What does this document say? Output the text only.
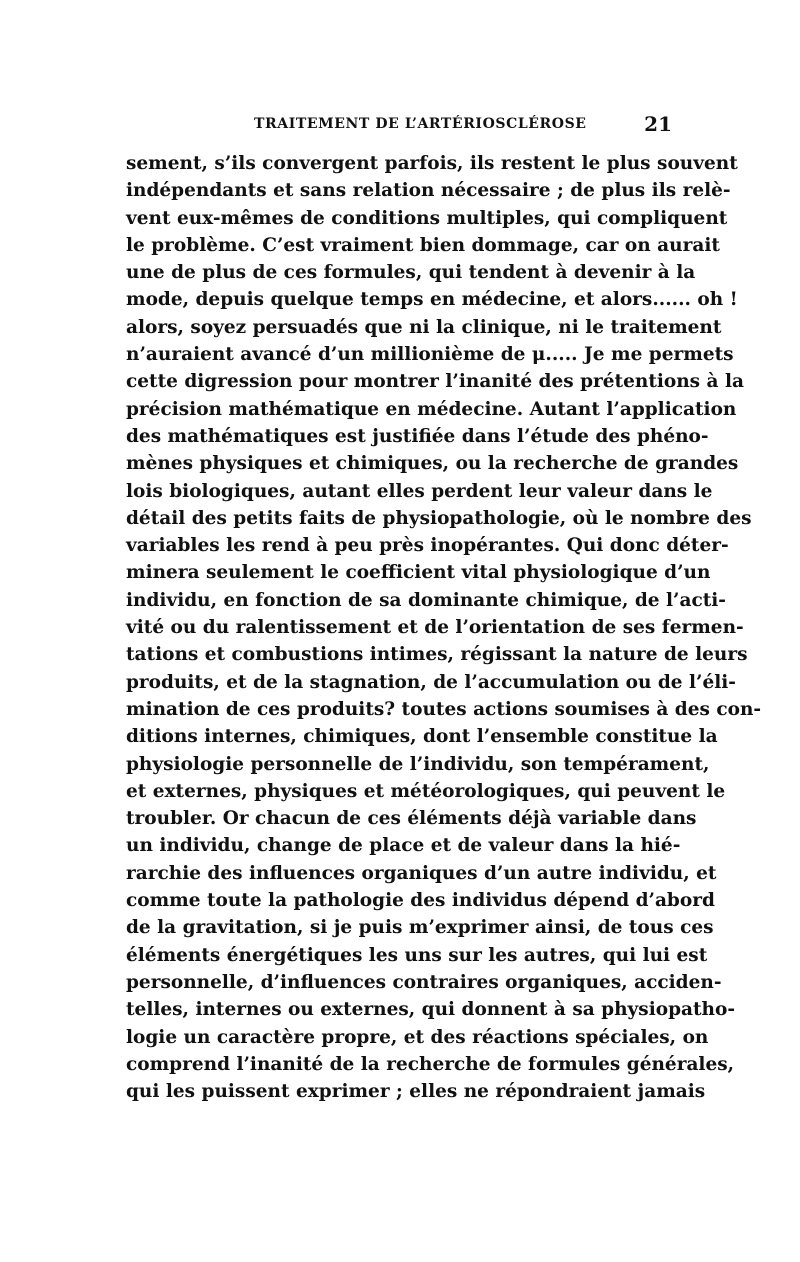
TRAITEMENT DE L’ARTÉRIOSCLÉROSE	21
sement, s’ils convergent parfois, ils restent le plus souvent
indépendants et sans relation nécessaire ; de plus ils relè-
vent eux-mêmes de conditions multiples, qui compliquent
le problème. C’est vraiment bien dommage, car on aurait
une de plus de ces formules, qui tendent à devenir à la
mode, depuis quelque temps en médecine, et alors...... oh !
alors, soyez persuadés que ni la clinique, ni le traitement
n’auraient avancé d’un millionième de μ..... Je me permets
cette digression pour montrer l’inanité des prétentions à la
précision mathématique en médecine. Autant l’application
des mathématiques est justifiée dans l’étude des phéno-
mènes physiques et chimiques, ou la recherche de grandes
lois biologiques, autant elles perdent leur valeur dans le
détail des petits faits de physiopathologie, où le nombre des
variables les rend à peu près inopérantes. Qui donc déter-
minera seulement le coefficient vital physiologique d’un
individu, en fonction de sa dominante chimique, de l’acti-
vité ou du ralentissement et de l’orientation de ses fermen-
tations et combustions intimes, régissant la nature de leurs
produits, et de la stagnation, de l’accumulation ou de l’éli-
mination de ces produits? toutes actions soumises à des con-
ditions internes, chimiques, dont l’ensemble constitue la
physiologie personnelle de l’individu, son tempérament,
et externes, physiques et météorologiques, qui peuvent le
troubler. Or chacun de ces éléments déjà variable dans
un individu, change de place et de valeur dans la hié-
rarchie des influences organiques d’un autre individu, et
comme toute la pathologie des individus dépend d’abord
de la gravitation, si je puis m’exprimer ainsi, de tous ces
éléments énergétiques les uns sur les autres, qui lui est
personnelle, d’influences contraires organiques, acciden-
telles, internes ou externes, qui donnent à sa physiopatho-
logie un caractère propre, et des réactions spéciales, on
comprend l’inanité de la recherche de formules générales,
qui les puissent exprimer ; elles ne répondraient jamais
